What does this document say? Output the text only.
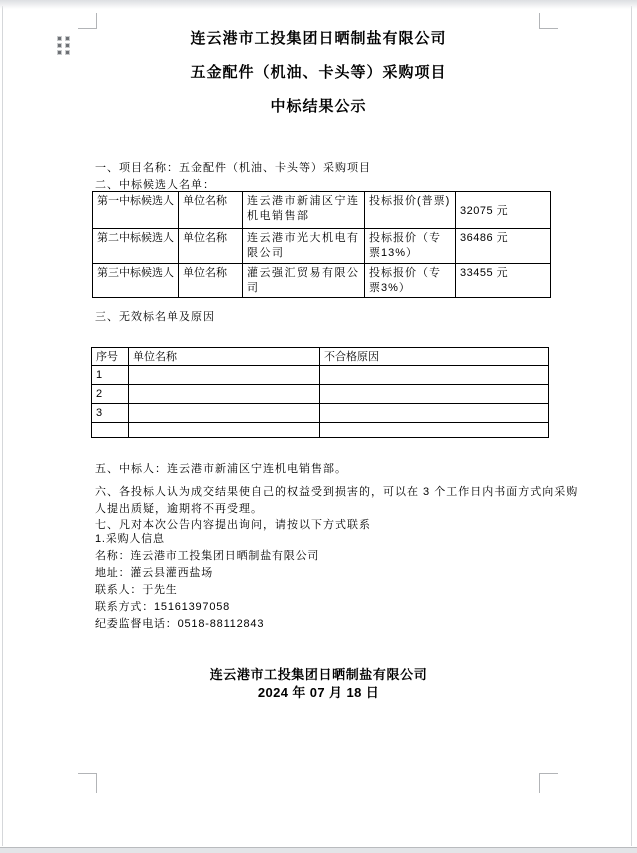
连云港市工投集团日晒制盐有限公司
五金配件（机油、卡头等）采购项目
中标结果公示
一、项目名称：五金配件（机油、卡头等）采购项目
二、中标候选人名单：
第一中标候选人	单位名称	连云港市新浦区宁连机电销售部	投标报价(普票)	32075 元
第二中标候选人	单位名称	连云港市光大机电有限公司	投标报价（专票13%）	36486 元
第三中标候选人	单位名称	灌云强汇贸易有限公司	投标报价（专票3%）	33455 元
三、无效标名单及原因
序号	单位名称	不合格原因
1		
2		
3		

五、中标人：连云港市新浦区宁连机电销售部。
六、各投标人认为成交结果使自己的权益受到损害的，可以在 3 个工作日内书面方式向采购
人提出质疑，逾期将不再受理。
七、凡对本次公告内容提出询问，请按以下方式联系
1.采购人信息
名称：连云港市工投集团日晒制盐有限公司
地址：灌云县灌西盐场
联系人：于先生
联系方式：15161397058
纪委监督电话：0518-88112843
连云港市工投集团日晒制盐有限公司
2024 年 07 月 18 日
